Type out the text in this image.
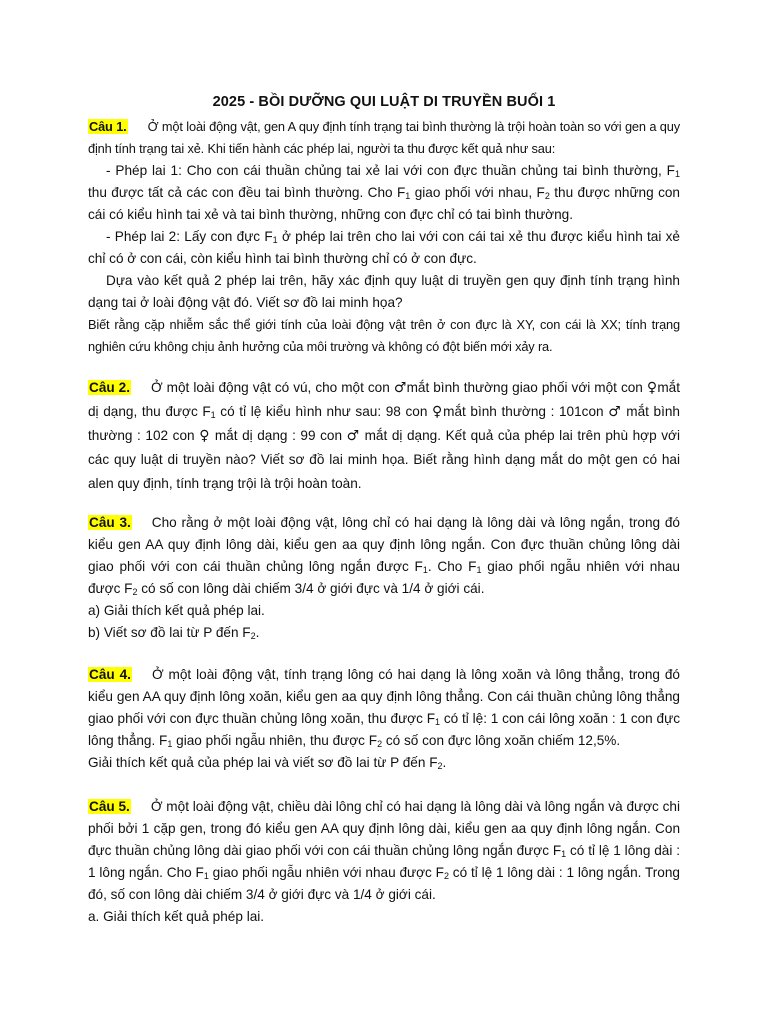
2025 - BỒI DƯỠNG QUI LUẬT DI TRUYỀN BUỔI 1

Câu 1. Ở một loài động vật, gen A quy định tính trạng tai bình thường là trội hoàn toàn so với gen a quy định tính trạng tai xẻ. Khi tiến hành các phép lai, người ta thu được kết quả như sau:

- Phép lai 1: Cho con cái thuần chủng tai xẻ lai với con đực thuần chủng tai bình thường, $F_1$ thu được tất cả các con đều tai bình thường. Cho $F_1$ giao phối với nhau, $F_2$ thu được những con cái có kiểu hình tai xẻ và tai bình thường, những con đực chỉ có tai bình thường.

- Phép lai 2: Lấy con đực $F_1$ ở phép lai trên cho lai với con cái tai xẻ thu được kiểu hình tai xẻ chỉ có ở con cái, còn kiểu hình tai bình thường chỉ có ở con đực.

Dựa vào kết quả 2 phép lai trên, hãy xác định quy luật di truyền gen quy định tính trạng hình dạng tai ở loài động vật đó. Viết sơ đồ lai minh họa?

Biết rằng cặp nhiễm sắc thể giới tính của loài động vật trên ở con đực là XY, con cái là XX; tính trạng nghiên cứu không chịu ảnh hưởng của môi trường và không có đột biến mới xảy ra.

Câu 2. Ở một loài động vật có vú, cho một con ♂mắt bình thường giao phối với một con ♀mắt dị dạng, thu được $F_1$ có tỉ lệ kiểu hình như sau: 98 con ♀mắt bình thường : 101con ♂ mắt bình thường : 102 con ♀ mắt dị dạng : 99 con ♂ mắt dị dạng. Kết quả của phép lai trên phù hợp với các quy luật di truyền nào? Viết sơ đồ lai minh họa. Biết rằng hình dạng mắt do một gen có hai alen quy định, tính trạng trội là trội hoàn toàn.

Câu 3. Cho rằng ở một loài động vật, lông chỉ có hai dạng là lông dài và lông ngắn, trong đó kiểu gen AA quy định lông dài, kiểu gen aa quy định lông ngắn. Con đực thuần chủng lông dài giao phối với con cái thuần chủng lông ngắn được $F_1$. Cho $F_1$ giao phối ngẫu nhiên với nhau được $F_2$ có số con lông dài chiếm 3/4 ở giới đực và 1/4 ở giới cái.

a) Giải thích kết quả phép lai.

b) Viết sơ đồ lai từ P đến $F_2$.

Câu 4. Ở một loài động vật, tính trạng lông có hai dạng là lông xoăn và lông thẳng, trong đó kiểu gen AA quy định lông xoăn, kiểu gen aa quy định lông thẳng. Con cái thuần chủng lông thẳng giao phối với con đực thuần chủng lông xoăn, thu được $F_1$ có tỉ lệ: 1 con cái lông xoăn : 1 con đực lông thẳng. $F_1$ giao phối ngẫu nhiên, thu được $F_2$ có số con đực lông xoăn chiếm 12,5%.

Giải thích kết quả của phép lai và viết sơ đồ lai từ P đến $F_2$.

Câu 5. Ở một loài động vật, chiều dài lông chỉ có hai dạng là lông dài và lông ngắn và được chi phối bởi 1 cặp gen, trong đó kiểu gen AA quy định lông dài, kiểu gen aa quy định lông ngắn. Con đực thuần chủng lông dài giao phối với con cái thuần chủng lông ngắn được $F_1$ có tỉ lệ 1 lông dài : 1 lông ngắn. Cho $F_1$ giao phối ngẫu nhiên với nhau được $F_2$ có tỉ lệ 1 lông dài : 1 lông ngắn. Trong đó, số con lông dài chiếm 3/4 ở giới đực và 1/4 ở giới cái.

a. Giải thích kết quả phép lai.
